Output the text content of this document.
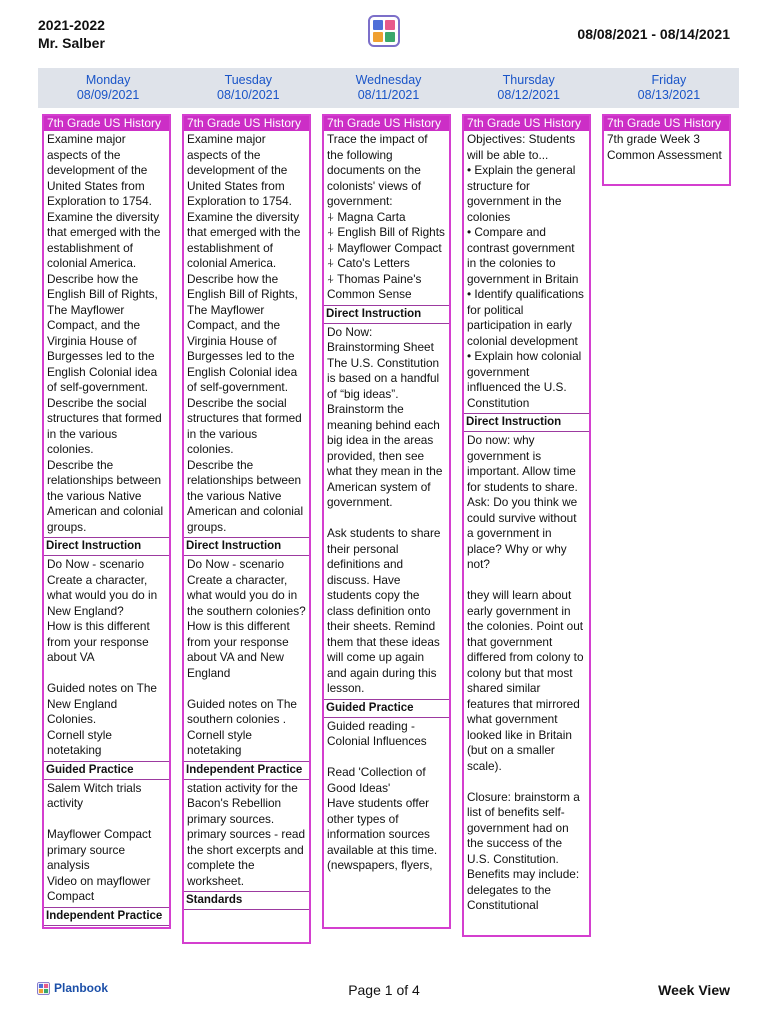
2021-2022
Mr. Salber
08/08/2021 - 08/14/2021
Monday
08/09/2021
Tuesday
08/10/2021
Wednesday
08/11/2021
Thursday
08/12/2021
Friday
08/13/2021
7th Grade US History
Examine major aspects of the development of the United States from Exploration to 1754.
Examine the diversity that emerged with the establishment of colonial America.
Describe how the English Bill of Rights, The Mayflower Compact, and the Virginia House of Burgesses led to the English Colonial idea of self-government.
Describe the social structures that formed in the various colonies.
Describe the relationships between the various Native American and colonial groups.
Direct Instruction
Do Now - scenario
Create a character, what would you do in New England?
How is this different from your response about VA

Guided notes on The New England Colonies.
Cornell style notetaking
Guided Practice
Salem Witch trials activity

Mayflower Compact primary source analysis
Video on mayflower Compact
Independent Practice
7th Grade US History
Examine major aspects of the development of the United States from Exploration to 1754.
Examine the diversity that emerged with the establishment of colonial America.
Describe how the English Bill of Rights, The Mayflower Compact, and the Virginia House of Burgesses led to the English Colonial idea of self-government.
Describe the social structures that formed in the various colonies.
Describe the relationships between the various Native American and colonial groups.
Direct Instruction
Do Now - scenario
Create a character, what would you do in the southern colonies?
How is this different from your response about VA and New England

Guided notes on The southern colonies .
Cornell style notetaking
Independent Practice
station activity for the Bacon's Rebellion primary sources.
primary sources - read the short excerpts and complete the worksheet.
Standards
7th Grade US History
Trace the impact of the following documents on the colonists' views of government:
⍭ Magna Carta
⍭ English Bill of Rights
⍭ Mayflower Compact
⍭ Cato's Letters
⍭ Thomas Paine's Common Sense
Direct Instruction
Do Now: Brainstorming Sheet
The U.S. Constitution is based on a handful of “big ideas”. Brainstorm the meaning behind each big idea in the areas provided, then see what they mean in the American system of government.

Ask students to share their personal definitions and discuss. Have students copy the class definition onto their sheets. Remind them that these ideas will come up again and again during this lesson.
Guided Practice
Guided reading - Colonial Influences

Read 'Collection of Good Ideas'
Have students offer other types of information sources available at this time. (newspapers, flyers,
7th Grade US History
Objectives: Students will be able to...
• Explain the general structure for government in the colonies
• Compare and contrast government in the colonies to government in Britain
• Identify qualifications for political participation in early colonial development
• Explain how colonial government influenced the U.S. Constitution
Direct Instruction
Do now: why government is important. Allow time for students to share. Ask: Do you think we could survive without a government in place? Why or why not?

they will learn about early government in the colonies. Point out that government differed from colony to colony but that most shared similar features that mirrored what government looked like in Britain (but on a smaller scale).

Closure: brainstorm a list of benefits self-government had on the success of the U.S. Constitution. Benefits may include: delegates to the Constitutional
7th Grade US History
7th grade Week 3 Common Assessment
Planbook	Page 1 of 4	Week View
